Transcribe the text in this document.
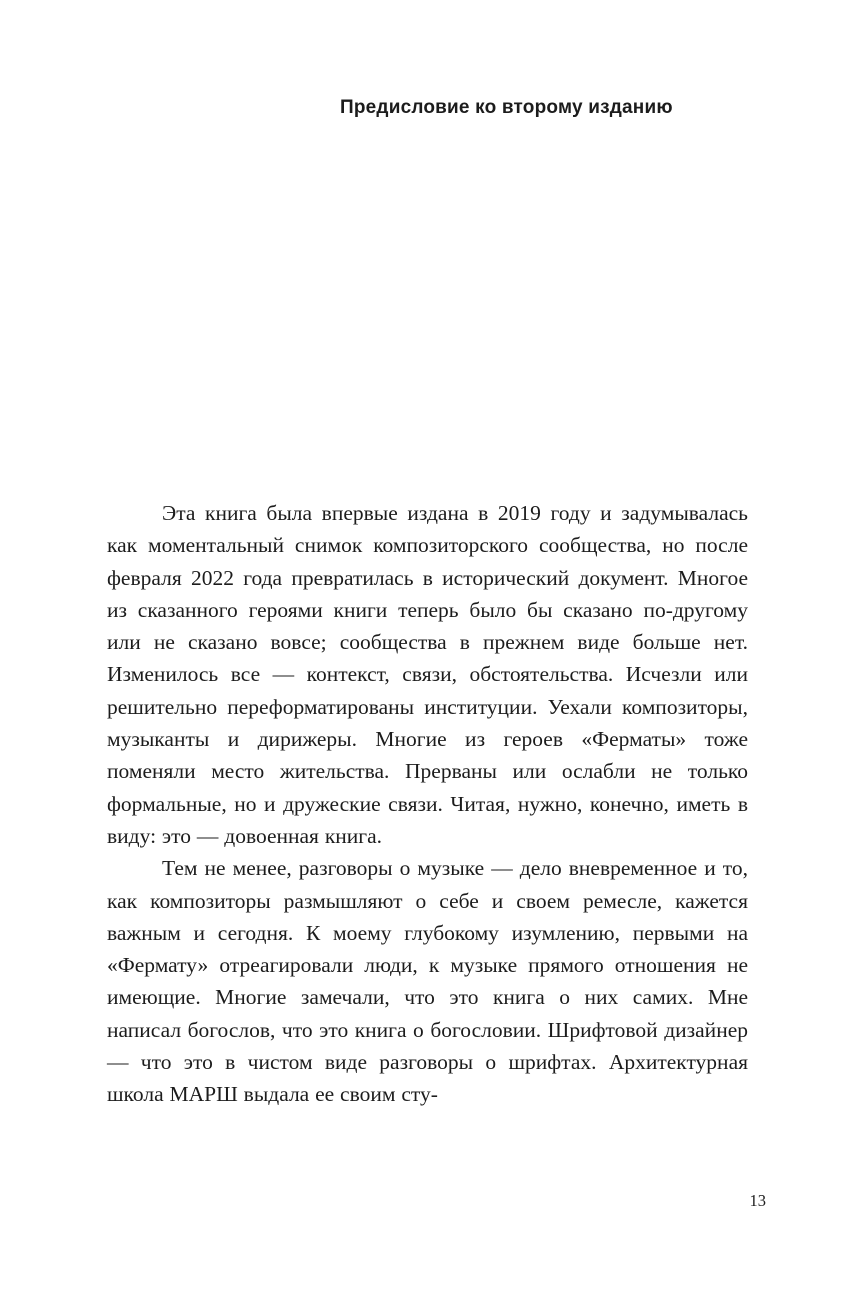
Предисловие ко второму изданию

Эта книга была впервые издана в 2019 году и задумывалась как моментальный снимок композиторского сообщества, но после февраля 2022 года превратилась в исторический документ. Многое из сказанного героями книги теперь было бы сказано по-другому или не сказано вовсе; сообщества в прежнем виде больше нет. Изменилось все — контекст, связи, обстоятельства. Исчезли или решительно переформатированы институции. Уехали композиторы, музыканты и дирижеры. Многие из героев «Ферматы» тоже поменяли место жительства. Прерваны или ослабли не только формальные, но и дружеские связи. Читая, нужно, конечно, иметь в виду: это — довоенная книга.

Тем не менее, разговоры о музыке — дело вневременное и то, как композиторы размышляют о себе и своем ремесле, кажется важным и сегодня. К моему глубокому изумлению, первыми на «Фермату» отреагировали люди, к музыке прямого отношения не имеющие. Многие замечали, что это книга о них самих. Мне написал богослов, что это книга о богословии. Шрифтовой дизайнер — что это в чистом виде разговоры о шрифтах. Архитектурная школа МАРШ выдала ее своим сту-

13
